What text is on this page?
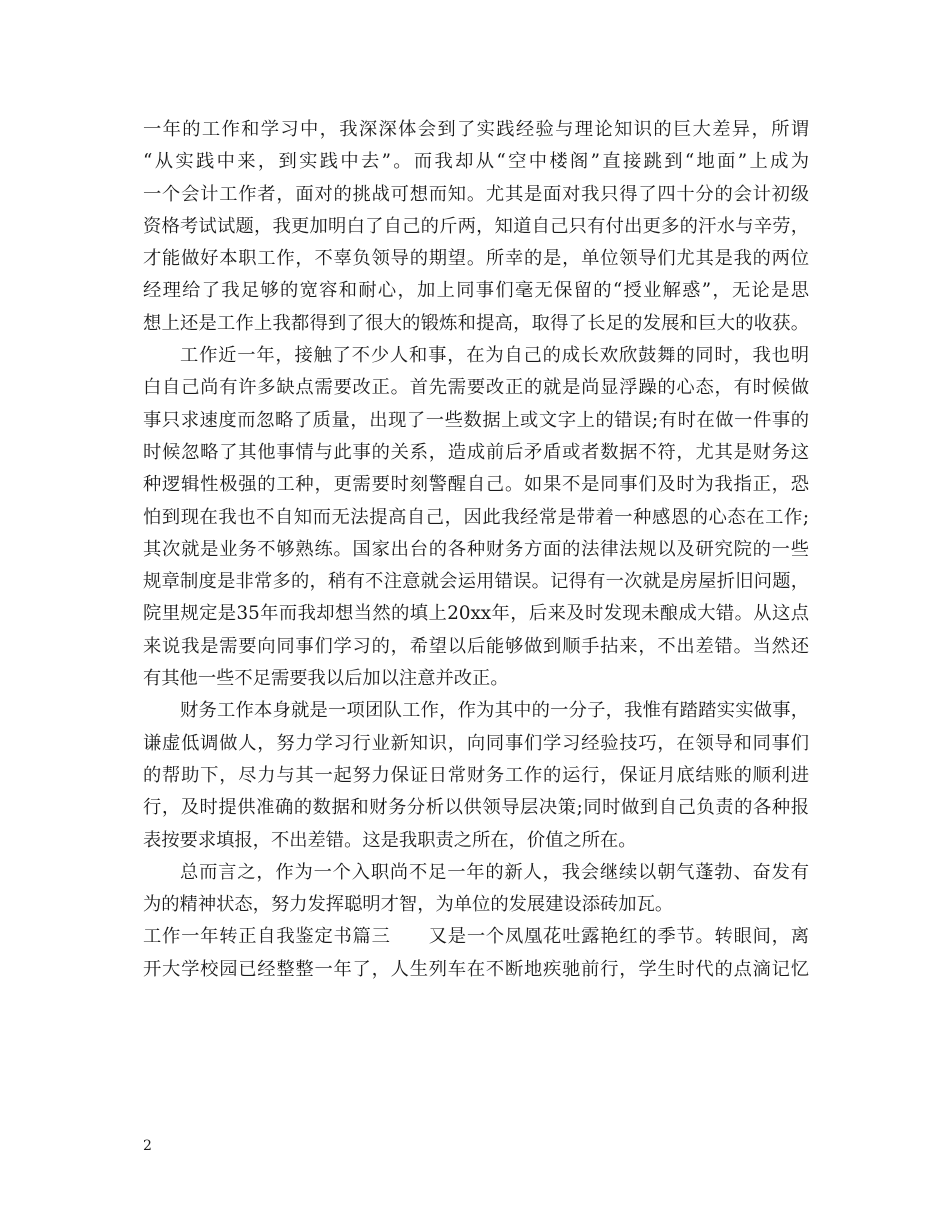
一年的工作和学习中，我深深体会到了实践经验与理论知识的巨大差异，所谓
“从实践中来，到实践中去”。而我却从“空中楼阁”直接跳到“地面”上成为
一个会计工作者，面对的挑战可想而知。尤其是面对我只得了四十分的会计初级
资格考试试题，我更加明白了自己的斤两，知道自己只有付出更多的汗水与辛劳，
才能做好本职工作，不辜负领导的期望。所幸的是，单位领导们尤其是我的两位
经理给了我足够的宽容和耐心，加上同事们毫无保留的“授业解惑”，无论是思
想上还是工作上我都得到了很大的锻炼和提高，取得了长足的发展和巨大的收获。
工作近一年，接触了不少人和事，在为自己的成长欢欣鼓舞的同时，我也明
白自己尚有许多缺点需要改正。首先需要改正的就是尚显浮躁的心态，有时候做
事只求速度而忽略了质量，出现了一些数据上或文字上的错误;有时在做一件事的
时候忽略了其他事情与此事的关系，造成前后矛盾或者数据不符，尤其是财务这
种逻辑性极强的工种，更需要时刻警醒自己。如果不是同事们及时为我指正，恐
怕到现在我也不自知而无法提高自己，因此我经常是带着一种感恩的心态在工作;
其次就是业务不够熟练。国家出台的各种财务方面的法律法规以及研究院的一些
规章制度是非常多的，稍有不注意就会运用错误。记得有一次就是房屋折旧问题，
院里规定是35年而我却想当然的填上20xx年，后来及时发现未酿成大错。从这点
来说我是需要向同事们学习的，希望以后能够做到顺手拈来，不出差错。当然还
有其他一些不足需要我以后加以注意并改正。
财务工作本身就是一项团队工作，作为其中的一分子，我惟有踏踏实实做事，
谦虚低调做人，努力学习行业新知识，向同事们学习经验技巧，在领导和同事们
的帮助下，尽力与其一起努力保证日常财务工作的运行，保证月底结账的顺利进
行，及时提供准确的数据和财务分析以供领导层决策;同时做到自己负责的各种报
表按要求填报，不出差错。这是我职责之所在，价值之所在。
总而言之，作为一个入职尚不足一年的新人，我会继续以朝气蓬勃、奋发有
为的精神状态，努力发挥聪明才智，为单位的发展建设添砖加瓦。
工作一年转正自我鉴定书篇三　　又是一个凤凰花吐露艳红的季节。转眼间，离
开大学校园已经整整一年了，人生列车在不断地疾驰前行，学生时代的点滴记忆
2
